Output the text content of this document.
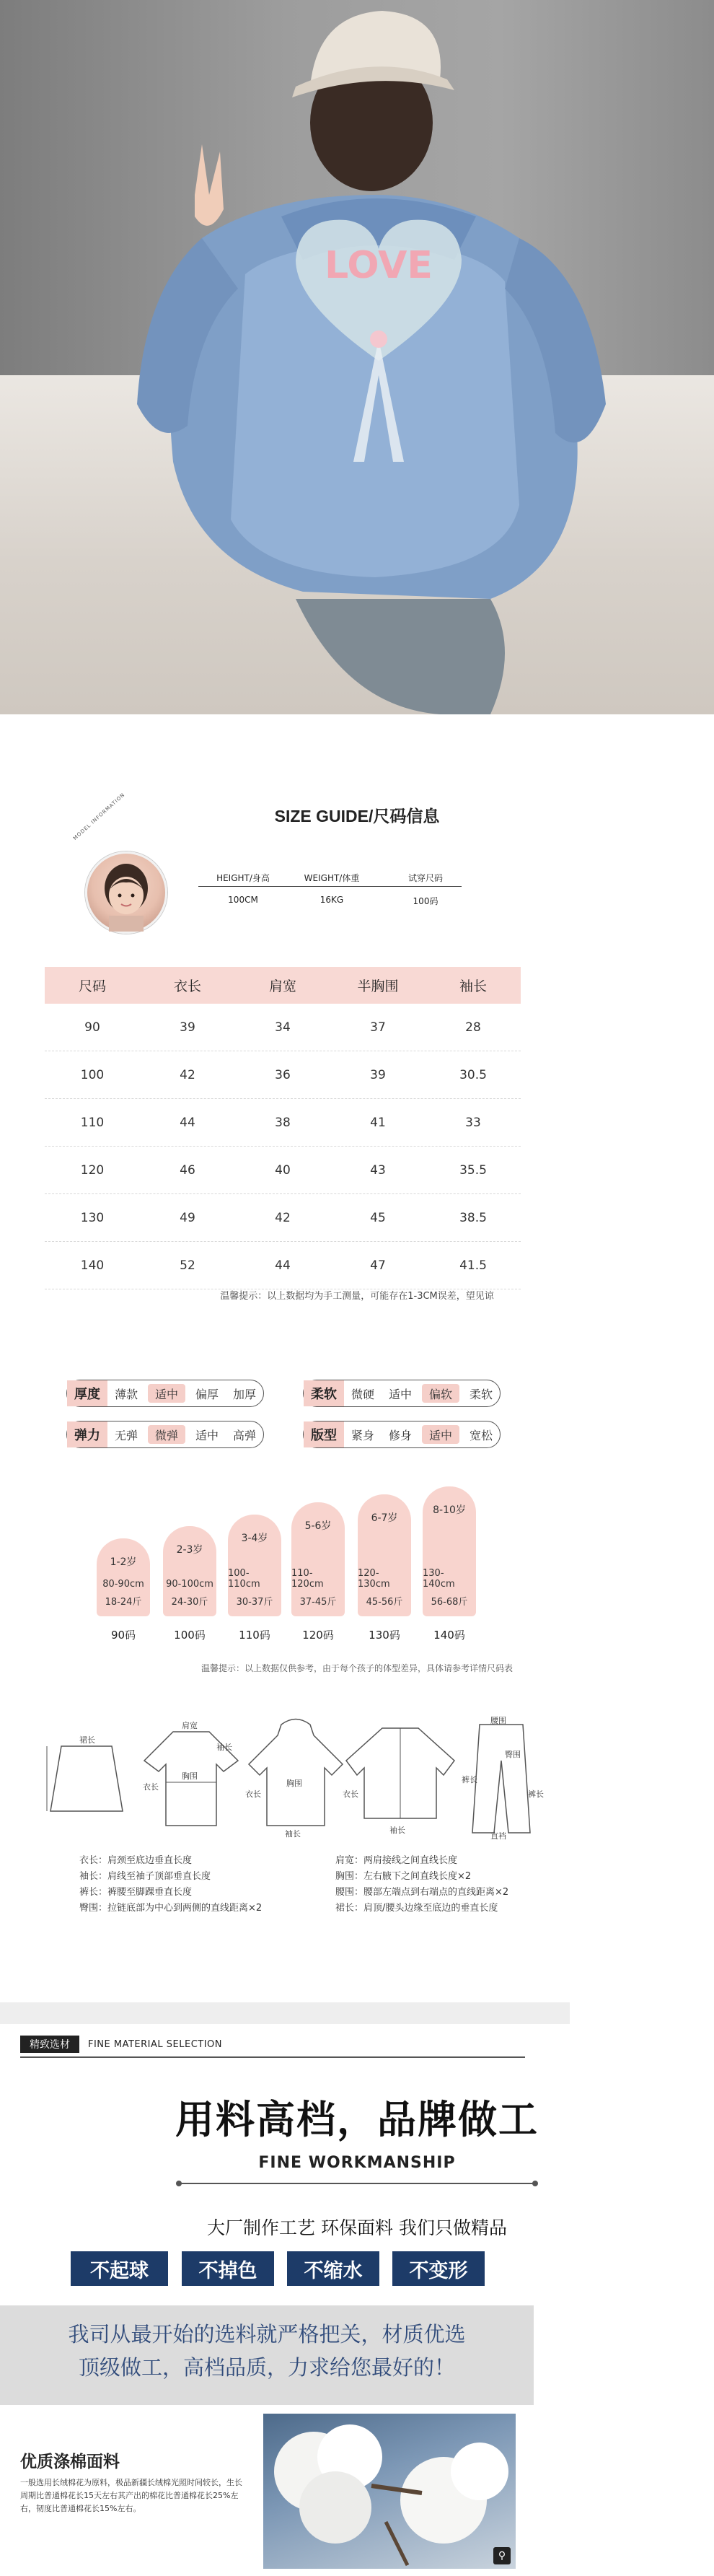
LOVE
SIZE GUIDE/尺码信息
MODEL INFORMATION
HEIGHT/身高	WEIGHT/体重	试穿尺码
100CM	16KG	100码
尺码	衣长	肩宽	半胸围	袖长
90	39	34	37	28
100	42	36	39	30.5
110	44	38	41	33
120	46	40	43	35.5
130	49	42	45	38.5
140	52	44	47	41.5
温馨提示：以上数据均为手工测量，可能存在1-3CM误差，望见谅
厚度	薄款	适中	偏厚	加厚	柔软	微硬	适中	偏软	柔软
弹力	无弹	微弹	适中	高弹	版型	紧身	修身	适中	宽松
1-2岁
80-90cm
18-24斤
2-3岁
90-100cm
24-30斤
3-4岁
100-110cm
30-37斤
5-6岁
110-120cm
37-45斤
6-7岁
120-130cm
45-56斤
8-10岁
130-140cm
56-68斤
90码	100码	110码	120码	130码	140码
温馨提示：以上数据仅供参考，由于每个孩子的体型差异，具体请参考详情尺码表
裙长
衣长
袖长
胸围
肩宽
衣长
袖长
胸围
衣长
袖长
裤长
臀围
腰围
裤长
直裆
衣长：肩颈至底边垂直长度
袖长：肩线至袖子顶部垂直长度
裤长：裤腰至脚踝垂直长度
臀围：拉链底部为中心到两侧的直线距离×2
肩宽：两肩接线之间直线长度
胸围：左右腋下之间直线长度×2
腰围：腰部左端点到右端点的直线距离×2
裙长：肩顶/腰头边缘至底边的垂直长度
精致选材	FINE MATERIAL SELECTION
用料高档，品牌做工
FINE WORKMANSHIP
大厂制作工艺 环保面料 我们只做精品
不起球	不掉色	不缩水	不变形
我司从最开始的选料就严格把关，材质优选
顶级做工，高档品质，力求给您最好的！
优质涤棉面料
一般选用长绒棉花为原料，极品新疆长绒棉光照时间较长，生长周期比普通棉花长15天左右其产出的棉花比普通棉花长25%左右，韧度比普通棉花长15%左右。
⚲
